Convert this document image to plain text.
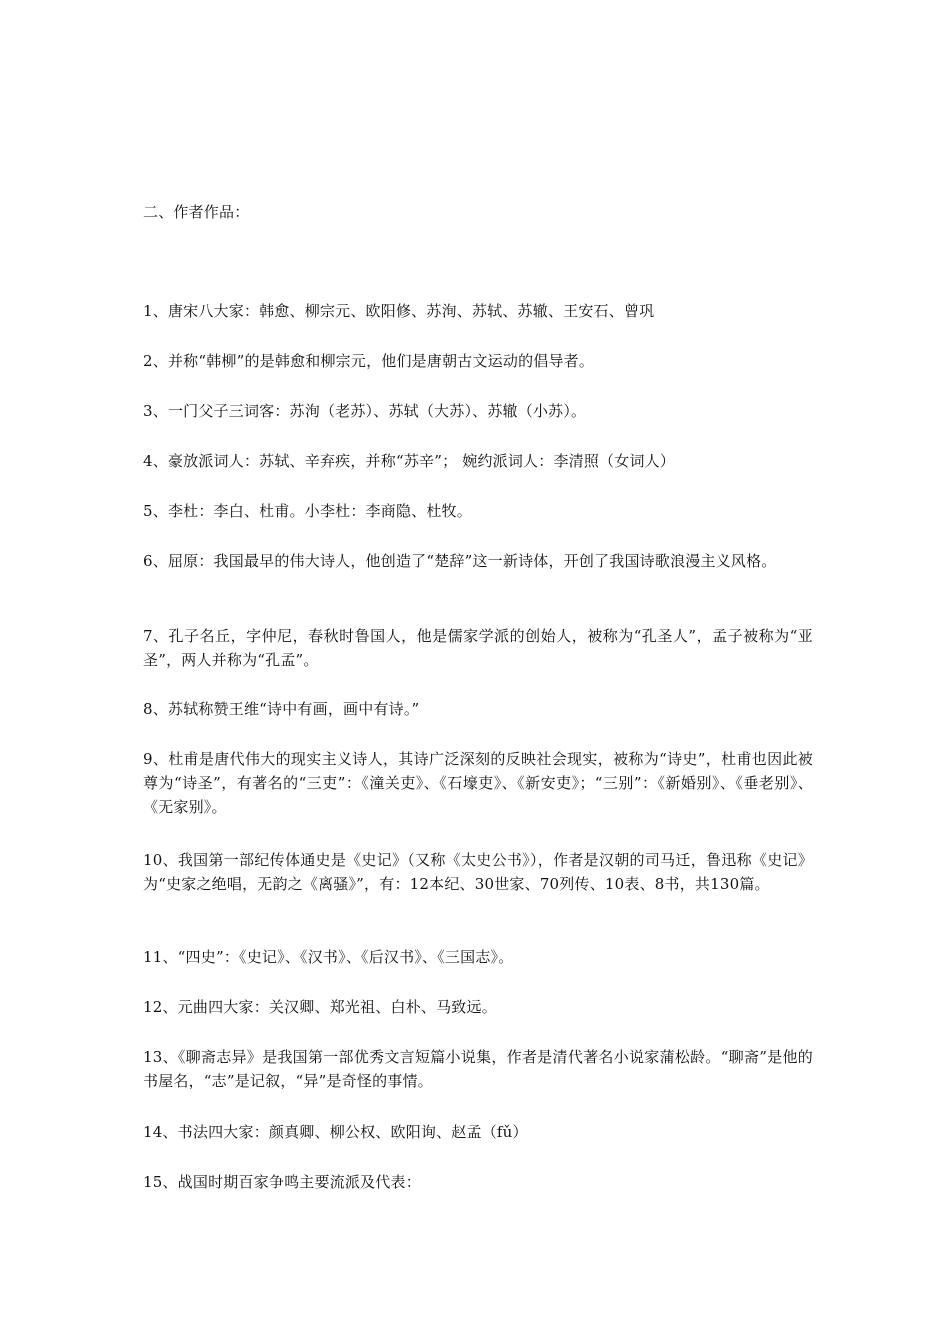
二、作者作品：
1、唐宋八大家：韩愈、柳宗元、欧阳修、苏洵、苏轼、苏辙、王安石、曾巩
2、并称“韩柳”的是韩愈和柳宗元，他们是唐朝古文运动的倡导者。
3、一门父子三词客：苏洵（老苏）、苏轼（大苏）、苏辙（小苏）。
4、豪放派词人：苏轼、辛弃疾，并称“苏辛”； 婉约派词人：李清照（女词人）
5、李杜：李白、杜甫。小李杜：李商隐、杜牧。
6、屈原：我国最早的伟大诗人，他创造了“楚辞”这一新诗体，开创了我国诗歌浪漫主义风格。
7、孔子名丘，字仲尼，春秋时鲁国人，他是儒家学派的创始人，被称为“孔圣人”，孟子被称为“亚圣”，两人并称为“孔孟”。
8、苏轼称赞王维“诗中有画，画中有诗。”
9、杜甫是唐代伟大的现实主义诗人，其诗广泛深刻的反映社会现实，被称为“诗史”，杜甫也因此被尊为“诗圣”，有著名的“三吏”：《潼关吏》、《石壕吏》、《新安吏》；“三别”：《新婚别》、《垂老别》、《无家别》。
10、我国第一部纪传体通史是《史记》（又称《太史公书》），作者是汉朝的司马迁，鲁迅称《史记》为“史家之绝唱，无韵之《离骚》”，有：12本纪、30世家、70列传、10表、8书，共130篇。
11、“四史”：《史记》、《汉书》、《后汉书》、《三国志》。
12、元曲四大家：关汉卿、郑光祖、白朴、马致远。
13、《聊斋志异》是我国第一部优秀文言短篇小说集，作者是清代著名小说家蒲松龄。“聊斋”是他的书屋名，“志”是记叙，“异”是奇怪的事情。
14、书法四大家：颜真卿、柳公权、欧阳询、赵孟（fǔ）
15、战国时期百家争鸣主要流派及代表：
